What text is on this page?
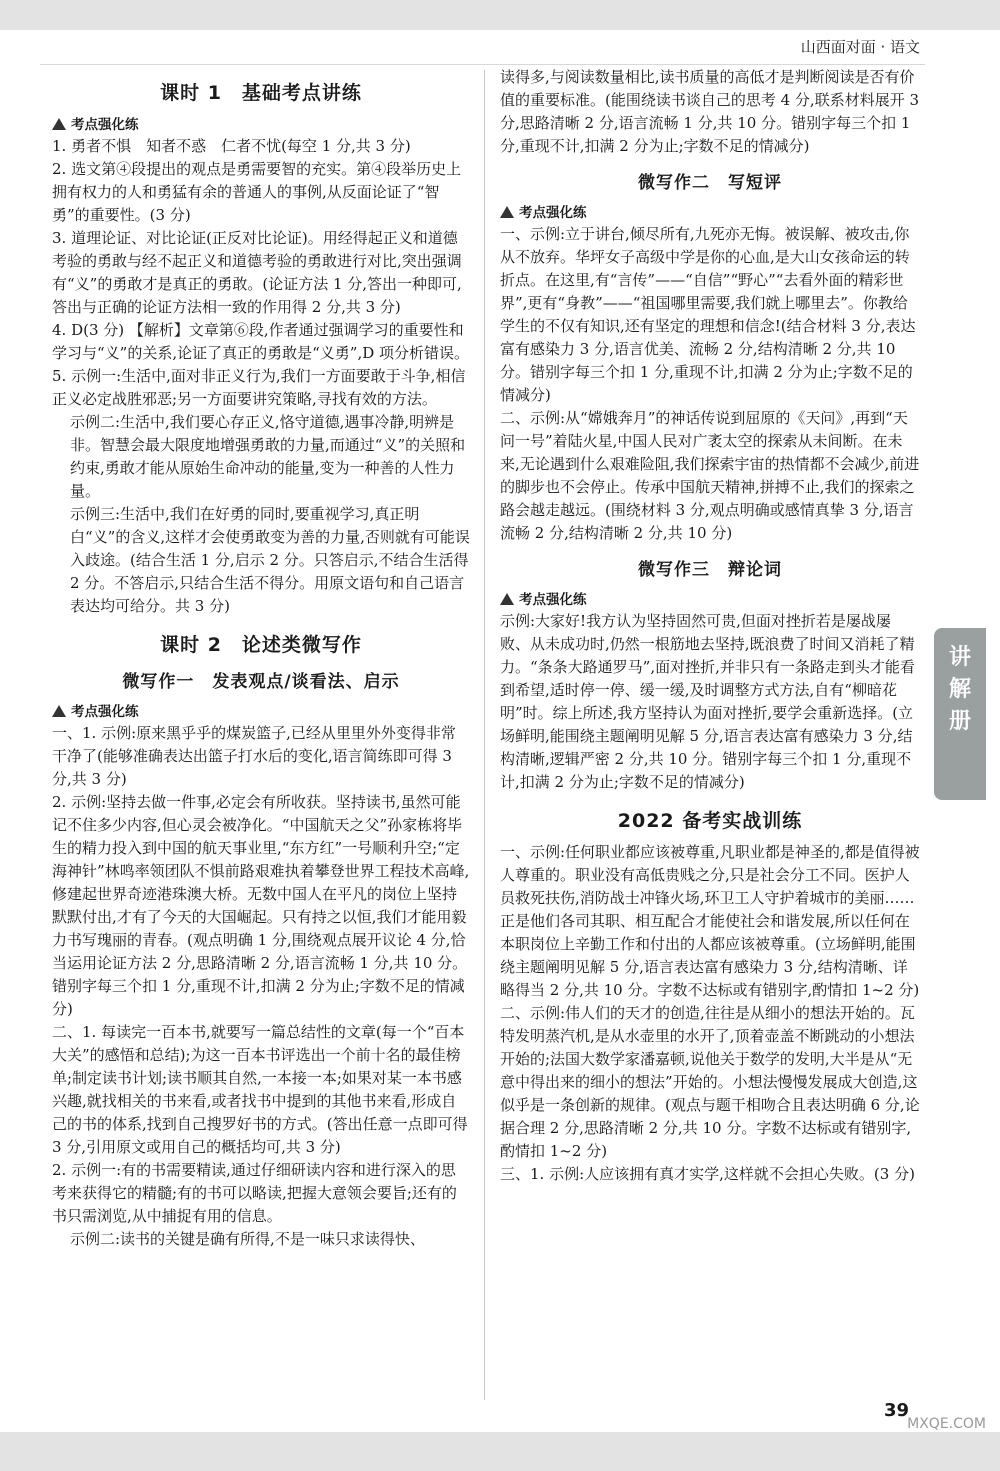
山西面对面 · 语文
课时 1　基础考点讲练
考点强化练

1. 勇者不惧　知者不惑　仁者不忧(每空 1 分,共 3 分)

2. 选文第④段提出的观点是勇需要智的充实。第④段举历史上拥有权力的人和勇猛有余的普通人的事例,从反面论证了“智勇”的重要性。(3 分)

3. 道理论证、对比论证(正反对比论证)。用经得起正义和道德考验的勇敢与经不起正义和道德考验的勇敢进行对比,突出强调有“义”的勇敢才是真正的勇敢。(论证方法 1 分,答出一种即可,答出与正确的论证方法相一致的作用得 2 分,共 3 分)

4. D(3 分) 【解析】文章第⑥段,作者通过强调学习的重要性和学习与“义”的关系,论证了真正的勇敢是“义勇”,D 项分析错误。

5. 示例一:生活中,面对非正义行为,我们一方面要敢于斗争,相信正义必定战胜邪恶;另一方面要讲究策略,寻找有效的方法。

示例二:生活中,我们要心存正义,恪守道德,遇事冷静,明辨是非。智慧会最大限度地增强勇敢的力量,而通过“义”的关照和约束,勇敢才能从原始生命冲动的能量,变为一种善的人性力量。

示例三:生活中,我们在好勇的同时,要重视学习,真正明白“义”的含义,这样才会使勇敢变为善的力量,否则就有可能误入歧途。(结合生活 1 分,启示 2 分。只答启示,不结合生活得 2 分。不答启示,只结合生活不得分。用原文语句和自己语言表达均可给分。共 3 分)

课时 2　论述类微写作
微写作一　发表观点/谈看法、启示
考点强化练

一、1. 示例:原来黑乎乎的煤炭篮子,已经从里里外外变得非常干净了(能够准确表达出篮子打水后的变化,语言简练即可得 3 分,共 3 分)

2. 示例:坚持去做一件事,必定会有所收获。坚持读书,虽然可能记不住多少内容,但心灵会被净化。“中国航天之父”孙家栋将毕生的精力投入到中国的航天事业里,“东方红”一号顺利升空;“定海神针”林鸣率领团队不惧前路艰难执着攀登世界工程技术高峰,修建起世界奇迹港珠澳大桥。无数中国人在平凡的岗位上坚持默默付出,才有了今天的大国崛起。只有持之以恒,我们才能用毅力书写瑰丽的青春。(观点明确 1 分,围绕观点展开议论 4 分,恰当运用论证方法 2 分,思路清晰 2 分,语言流畅 1 分,共 10 分。错别字每三个扣 1 分,重现不计,扣满 2 分为止;字数不足的情减分)

二、1. 每读完一百本书,就要写一篇总结性的文章(每一个“百本大关”的感悟和总结);为这一百本书评选出一个前十名的最佳榜单;制定读书计划;读书顺其自然,一本接一本;如果对某一本书感兴趣,就找相关的书来看,或者找书中提到的其他书来看,形成自己的书的体系,找到自己搜罗好书的方式。(答出任意一点即可得 3 分,引用原文或用自己的概括均可,共 3 分)

2. 示例一:有的书需要精读,通过仔细研读内容和进行深入的思考来获得它的精髓;有的书可以略读,把握大意领会要旨;还有的书只需浏览,从中捕捉有用的信息。

示例二:读书的关键是确有所得,不是一味只求读得快、

读得多,与阅读数量相比,读书质量的高低才是判断阅读是否有价值的重要标准。(能围绕读书谈自己的思考 4 分,联系材料展开 3 分,思路清晰 2 分,语言流畅 1 分,共 10 分。错别字每三个扣 1 分,重现不计,扣满 2 分为止;字数不足的情减分)

微写作二　写短评
考点强化练

一、示例:立于讲台,倾尽所有,九死亦无悔。被误解、被攻击,你从不放弃。华坪女子高级中学是你的心血,是大山女孩命运的转折点。在这里,有“言传”——“自信”“野心”“去看外面的精彩世界”,更有“身教”——“祖国哪里需要,我们就上哪里去”。你教给学生的不仅有知识,还有坚定的理想和信念!(结合材料 3 分,表达富有感染力 3 分,语言优美、流畅 2 分,结构清晰 2 分,共 10 分。错别字每三个扣 1 分,重现不计,扣满 2 分为止;字数不足的情减分)

二、示例:从“嫦娥奔月”的神话传说到屈原的《天问》,再到“天问一号”着陆火星,中国人民对广袤太空的探索从未间断。在未来,无论遇到什么艰难险阻,我们探索宇宙的热情都不会减少,前进的脚步也不会停止。传承中国航天精神,拼搏不止,我们的探索之路会越走越远。(围绕材料 3 分,观点明确或感情真挚 3 分,语言流畅 2 分,结构清晰 2 分,共 10 分)

微写作三　辩论词
考点强化练

示例:大家好!我方认为坚持固然可贵,但面对挫折若是屡战屡败、从未成功时,仍然一根筋地去坚持,既浪费了时间又消耗了精力。“条条大路通罗马”,面对挫折,并非只有一条路走到头才能看到希望,适时停一停、缓一缓,及时调整方式方法,自有“柳暗花明”时。综上所述,我方坚持认为面对挫折,要学会重新选择。(立场鲜明,能围绕主题阐明见解 5 分,语言表达富有感染力 3 分,结构清晰,逻辑严密 2 分,共 10 分。错别字每三个扣 1 分,重现不计,扣满 2 分为止;字数不足的情减分)

2022 备考实战训练

一、示例:任何职业都应该被尊重,凡职业都是神圣的,都是值得被人尊重的。职业没有高低贵贱之分,只是社会分工不同。医护人员救死扶伤,消防战士冲锋火场,环卫工人守护着城市的美丽……正是他们各司其职、相互配合才能使社会和谐发展,所以任何在本职岗位上辛勤工作和付出的人都应该被尊重。(立场鲜明,能围绕主题阐明见解 5 分,语言表达富有感染力 3 分,结构清晰、详略得当 2 分,共 10 分。字数不达标或有错别字,酌情扣 1~2 分)

二、示例:伟人们的天才的创造,往往是从细小的想法开始的。瓦特发明蒸汽机,是从水壶里的水开了,顶着壶盖不断跳动的小想法开始的;法国大数学家潘嘉顿,说他关于数学的发明,大半是从“无意中得出来的细小的想法”开始的。小想法慢慢发展成大创造,这似乎是一条创新的规律。(观点与题干相吻合且表达明确 6 分,论据合理 2 分,思路清晰 2 分,共 10 分。字数不达标或有错别字,酌情扣 1~2 分)

三、1. 示例:人应该拥有真才实学,这样就不会担心失败。(3 分)

讲
解
册
39
MXQE.COM
